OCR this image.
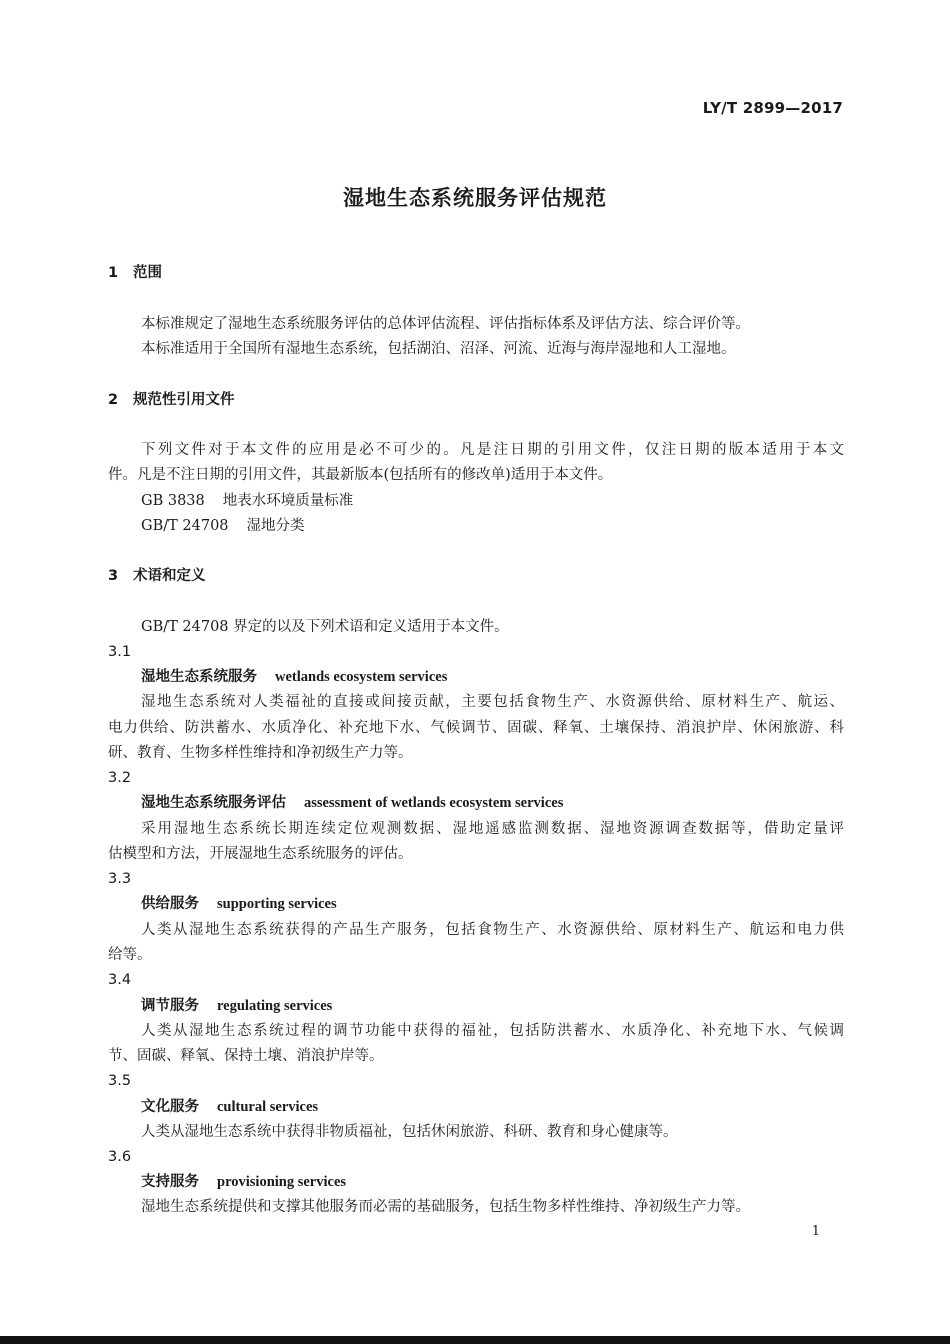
LY/T 2899—2017
湿地生态系统服务评估规范
1 范围
本标准规定了湿地生态系统服务评估的总体评估流程、评估指标体系及评估方法、综合评价等。
本标准适用于全国所有湿地生态系统，包括湖泊、沼泽、河流、近海与海岸湿地和人工湿地。
2 规范性引用文件
下列文件对于本文件的应用是必不可少的。凡是注日期的引用文件，仅注日期的版本适用于本文
件。凡是不注日期的引用文件，其最新版本(包括所有的修改单)适用于本文件。
GB 3838 地表水环境质量标准
GB/T 24708 湿地分类
3 术语和定义
GB/T 24708 界定的以及下列术语和定义适用于本文件。
3.1
湿地生态系统服务 wetlands ecosystem services
湿地生态系统对人类福祉的直接或间接贡献，主要包括食物生产、水资源供给、原材料生产、航运、
电力供给、防洪蓄水、水质净化、补充地下水、气候调节、固碳、释氧、土壤保持、消浪护岸、休闲旅游、科
研、教育、生物多样性维持和净初级生产力等。
3.2
湿地生态系统服务评估 assessment of wetlands ecosystem services
采用湿地生态系统长期连续定位观测数据、湿地遥感监测数据、湿地资源调查数据等，借助定量评
估模型和方法，开展湿地生态系统服务的评估。
3.3
供给服务 supporting services
人类从湿地生态系统获得的产品生产服务，包括食物生产、水资源供给、原材料生产、航运和电力供
给等。
3.4
调节服务 regulating services
人类从湿地生态系统过程的调节功能中获得的福祉，包括防洪蓄水、水质净化、补充地下水、气候调
节、固碳、释氧、保持土壤、消浪护岸等。
3.5
文化服务 cultural services
人类从湿地生态系统中获得非物质福祉，包括休闲旅游、科研、教育和身心健康等。
3.6
支持服务 provisioning services
湿地生态系统提供和支撑其他服务而必需的基础服务，包括生物多样性维持、净初级生产力等。
1
